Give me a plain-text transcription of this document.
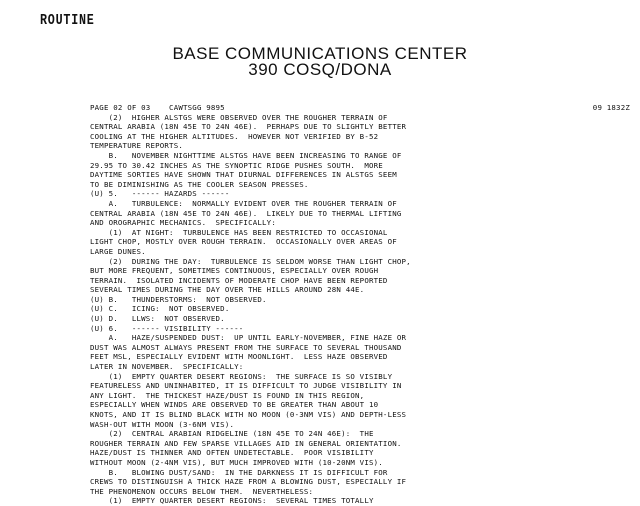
ROUTINE
BASE COMMUNICATIONS CENTER
390 COSQ/DONA
PAGE 02 OF 03    CAWTSGG 9895	09 1832Z
(2)  HIGHER ALSTGS WERE OBSERVED OVER THE ROUGHER TERRAIN OF
CENTRAL ARABIA (18N 45E TO 24N 46E).  PERHAPS DUE TO SLIGHTLY BETTER
COOLING AT THE HIGHER ALTITUDES.  HOWEVER NOT VERIFIED BY B-52
TEMPERATURE REPORTS.
B.   NOVEMBER NIGHTTIME ALSTGS HAVE BEEN INCREASING TO RANGE OF
29.95 TO 30.42 INCHES AS THE SYNOPTIC RIDGE PUSHES SOUTH.  MORE
DAYTIME SORTIES HAVE SHOWN THAT DIURNAL DIFFERENCES IN ALSTGS SEEM
TO BE DIMINISHING AS THE COOLER SEASON PRESSES.
(U) 5.   ------ HAZARDS ------
A.   TURBULENCE:  NORMALLY EVIDENT OVER THE ROUGHER TERRAIN OF
CENTRAL ARABIA (18N 45E TO 24N 46E).  LIKELY DUE TO THERMAL LIFTING
AND OROGRAPHIC MECHANICS.  SPECIFICALLY:
(1)  AT NIGHT:  TURBULENCE HAS BEEN RESTRICTED TO OCCASIONAL
LIGHT CHOP, MOSTLY OVER ROUGH TERRAIN.  OCCASIONALLY OVER AREAS OF
LARGE DUNES.
(2)  DURING THE DAY:  TURBULENCE IS SELDOM WORSE THAN LIGHT CHOP,
BUT MORE FREQUENT, SOMETIMES CONTINUOUS, ESPECIALLY OVER ROUGH
TERRAIN.  ISOLATED INCIDENTS OF MODERATE CHOP HAVE BEEN REPORTED
SEVERAL TIMES DURING THE DAY OVER THE HILLS AROUND 28N 44E.
(U) B.   THUNDERSTORMS:  NOT OBSERVED.
(U) C.   ICING:  NOT OBSERVED.
(U) D.   LLWS:  NOT OBSERVED.
(U) 6.   ------ VISIBILITY ------
A.   HAZE/SUSPENDED DUST:  UP UNTIL EARLY-NOVEMBER, FINE HAZE OR
DUST WAS ALMOST ALWAYS PRESENT FROM THE SURFACE TO SEVERAL THOUSAND
FEET MSL, ESPECIALLY EVIDENT WITH MOONLIGHT.  LESS HAZE OBSERVED
LATER IN NOVEMBER.  SPECIFICALLY:
(1)  EMPTY QUARTER DESERT REGIONS:  THE SURFACE IS SO VISIBLY
FEATURELESS AND UNINHABITED, IT IS DIFFICULT TO JUDGE VISIBILITY IN
ANY LIGHT.  THE THICKEST HAZE/DUST IS FOUND IN THIS REGION,
ESPECIALLY WHEN WINDS ARE OBSERVED TO BE GREATER THAN ABOUT 10
KNOTS, AND IT IS BLIND BLACK WITH NO MOON (0-3NM VIS) AND DEPTH-LESS
WASH-OUT WITH MOON (3-6NM VIS).
(2)  CENTRAL ARABIAN RIDGELINE (18N 45E TO 24N 46E):  THE
ROUGHER TERRAIN AND FEW SPARSE VILLAGES AID IN GENERAL ORIENTATION.
HAZE/DUST IS THINNER AND OFTEN UNDETECTABLE.  POOR VISIBILITY
WITHOUT MOON (2-4NM VIS), BUT MUCH IMPROVED WITH (10-20NM VIS).
B.   BLOWING DUST/SAND:  IN THE DARKNESS IT IS DIFFICULT FOR
CREWS TO DISTINGUISH A THICK HAZE FROM A BLOWING DUST, ESPECIALLY IF
THE PHENOMENON OCCURS BELOW THEM.  NEVERTHELESS:
(1)  EMPTY QUARTER DESERT REGIONS:  SEVERAL TIMES TOTALLY
